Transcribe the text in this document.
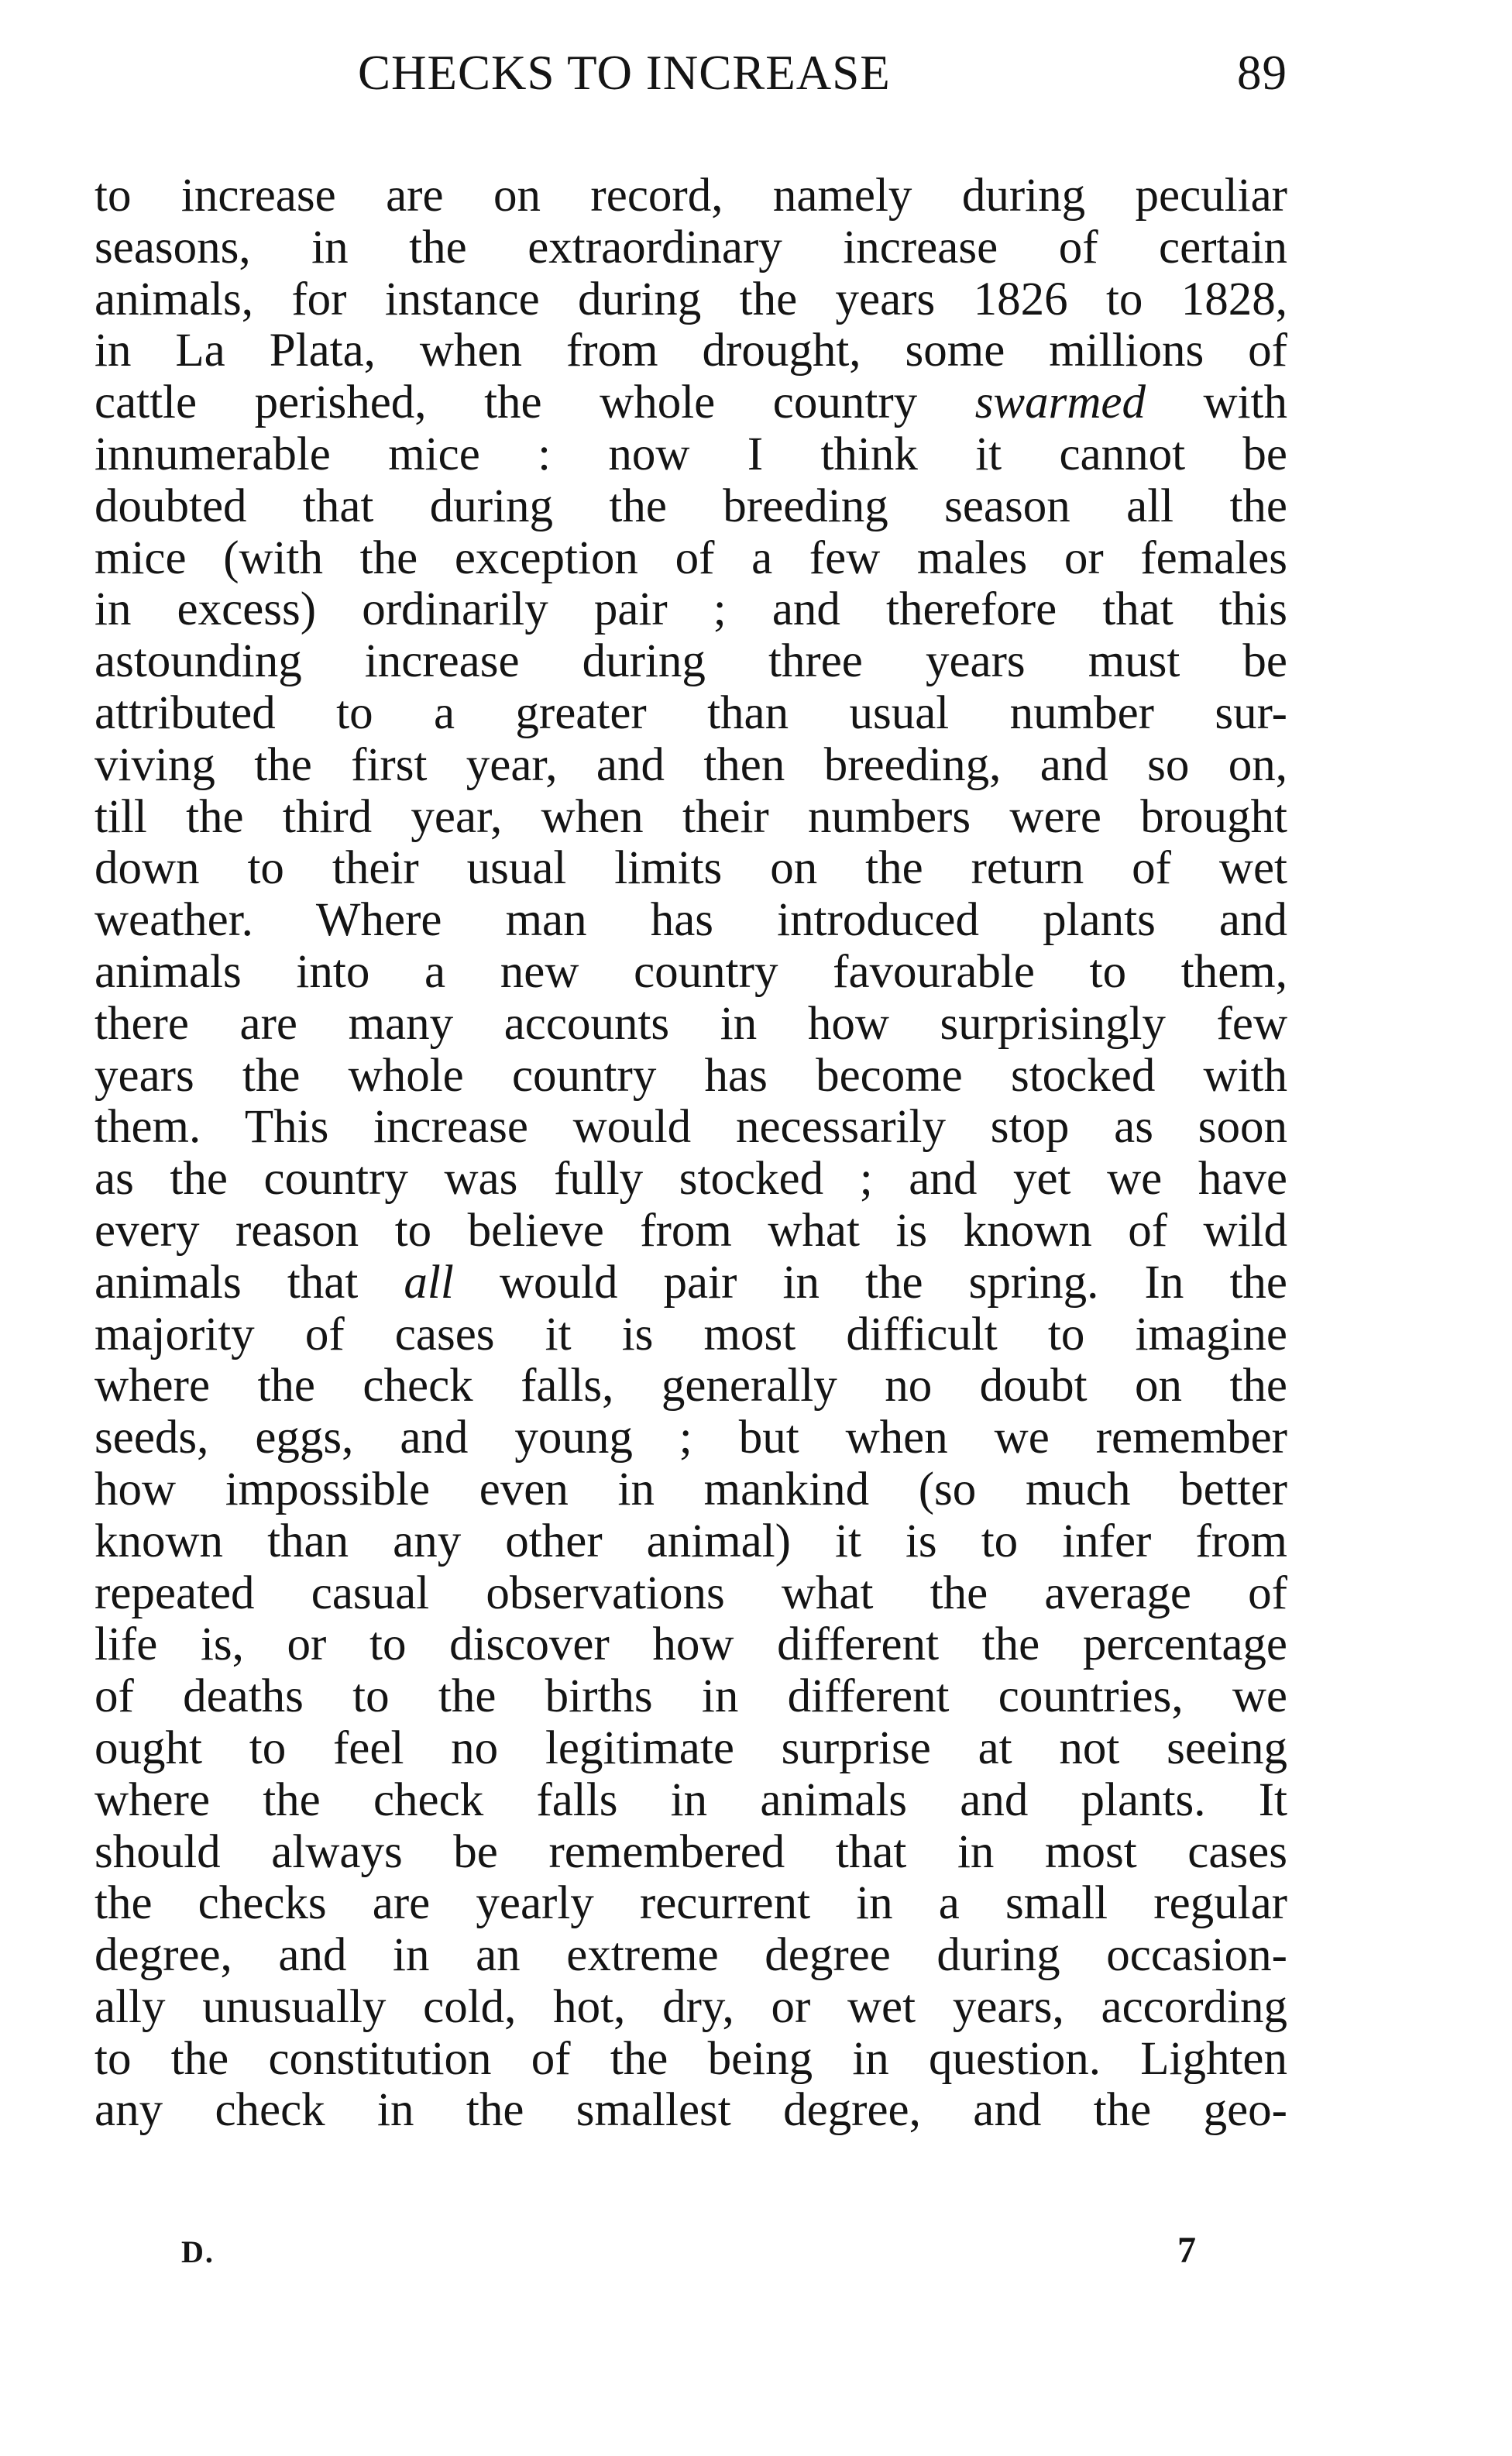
CHECKS TO INCREASE	89
to increase are on record, namely during peculiar
seasons, in the extraordinary increase of certain
animals, for instance during the years 1826 to 1828,
in La Plata, when from drought, some millions of
cattle perished, the whole country swarmed with
innumerable mice : now I think it cannot be
doubted that during the breeding season all the
mice (with the exception of a few males or females
in excess) ordinarily pair ; and therefore that this
astounding increase during three years must be
attributed to a greater than usual number sur-
viving the first year, and then breeding, and so on,
till the third year, when their numbers were brought
down to their usual limits on the return of wet
weather. Where man has introduced plants and
animals into a new country favourable to them,
there are many accounts in how surprisingly few
years the whole country has become stocked with
them. This increase would necessarily stop as soon
as the country was fully stocked ; and yet we have
every reason to believe from what is known of wild
animals that all would pair in the spring. In the
majority of cases it is most difficult to imagine
where the check falls, generally no doubt on the
seeds, eggs, and young ; but when we remember
how impossible even in mankind (so much better
known than any other animal) it is to infer from
repeated casual observations what the average of
life is, or to discover how different the percentage
of deaths to the births in different countries, we
ought to feel no legitimate surprise at not seeing
where the check falls in animals and plants. It
should always be remembered that in most cases
the checks are yearly recurrent in a small regular
degree, and in an extreme degree during occasion-
ally unusually cold, hot, dry, or wet years, according
to the constitution of the being in question. Lighten
any check in the smallest degree, and the geo-
D.	7
